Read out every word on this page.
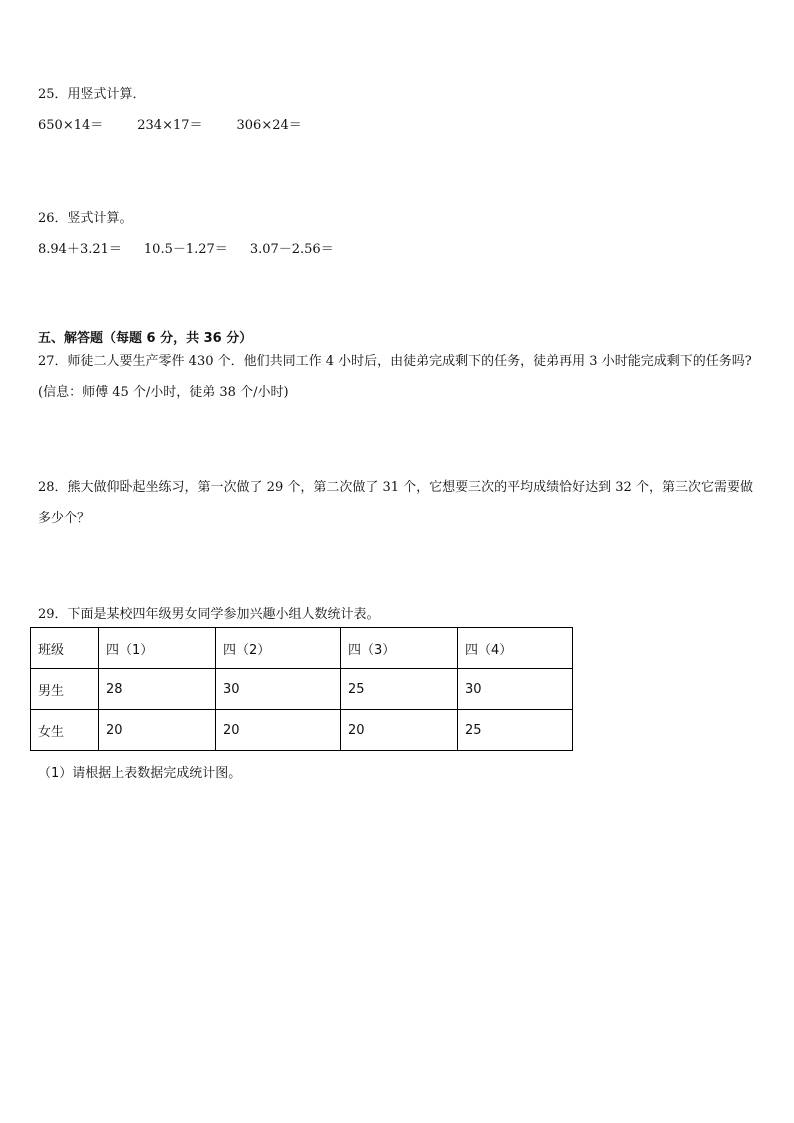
25．用竖式计算．
650×14＝	234×17＝	306×24＝
26．竖式计算。
8.94＋3.21＝ 10.5－1.27＝ 3.07－2.56＝
五、解答题（每题 6 分，共 36 分）
27．师徒二人要生产零件 430 个．他们共同工作 4 小时后，由徒弟完成剩下的任务，徒弟再用 3 小时能完成剩下的任务吗?(信息：师傅 45 个/小时，徒弟 38 个/小时)
28．熊大做仰卧起坐练习，第一次做了 29 个，第二次做了 31 个，它想要三次的平均成绩恰好达到 32 个，第三次它需要做多少个？
29．下面是某校四年级男女同学参加兴趣小组人数统计表。
班级	四（1）	四（2）	四（3）	四（4）
男生	28	30	25	30
女生	20	20	20	25
（1）请根据上表数据完成统计图。
